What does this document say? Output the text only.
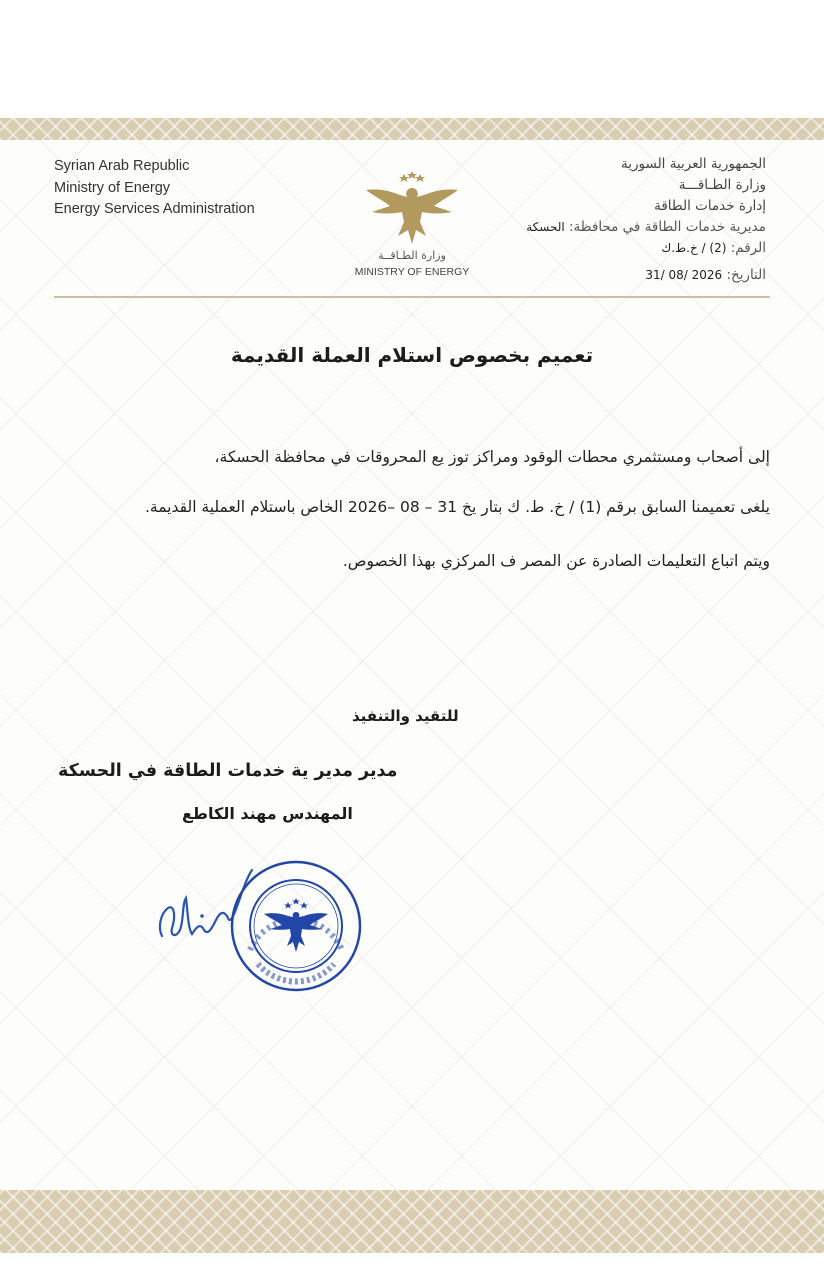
Syrian Arab Republic
Ministry of Energy
Energy Services Administration
الجمهورية العربية السورية
وزارة الطـاقـــة
إدارة خدمات الطاقة
مديرية خدمات الطاقة في محافظة: الحسكة
الرقم: (2) / خ.ط.ك
التاريخ: 31/ 08/ 2026
وزارة الطـاقــة
MINISTRY OF ENERGY
تعميم بخصوص استلام العملة القديمة
إلى أصحاب ومستثمري محطات الوقود ومراكز توز يع المحروقات في محافظة الحسكة،
يلغى تعميمنا السابق برقم (1) / خ. ط. ك بتار يخ 31 – 08 –2026 الخاص باستلام العملية القديمة.
ويتم اتباع التعليمات الصادرة عن المصر ف المركزي بهذا الخصوص.
للتقيد والتنفيذ
مدير مدير ية خدمات الطاقة في الحسكة
المهندس مهند الكاطع
